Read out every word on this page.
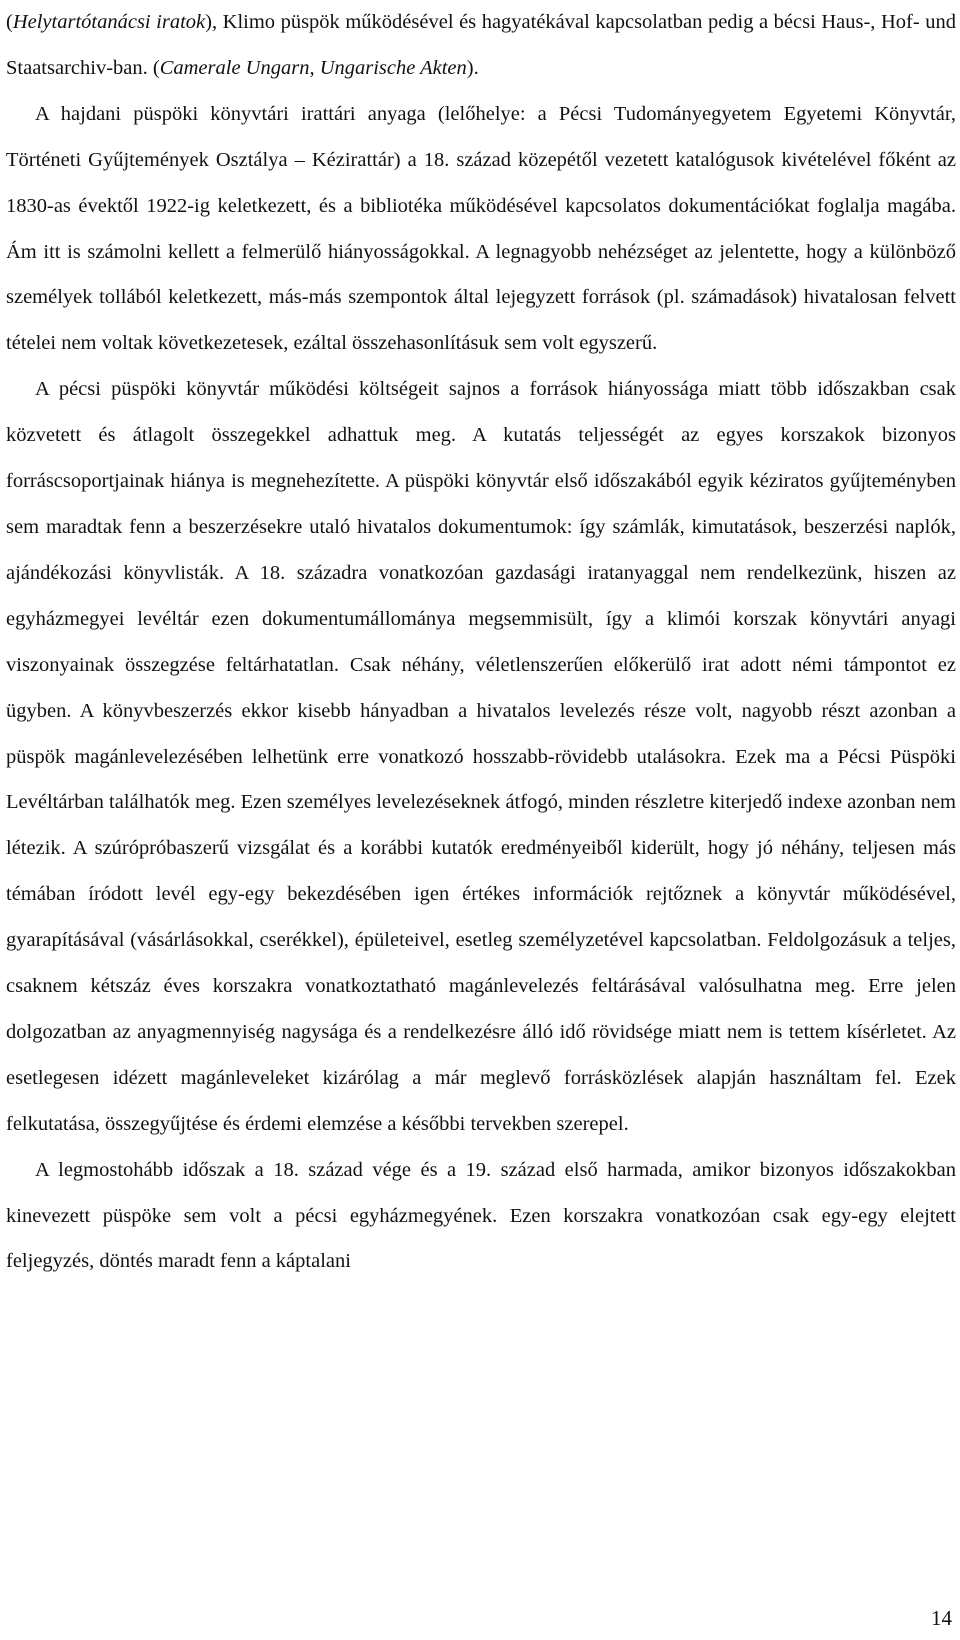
(Helytartótanácsi iratok), Klimo püspök működésével és hagyatékával kapcsolatban pedig a bécsi Haus-, Hof- und Staatsarchiv-ban. (Camerale Ungarn, Ungarische Akten).

A hajdani püspöki könyvtári irattári anyaga (lelőhelye: a Pécsi Tudományegyetem Egyetemi Könyvtár, Történeti Gyűjtemények Osztálya – Kézirattár) a 18. század közepétől vezetett katalógusok kivételével főként az 1830-as évektől 1922-ig keletkezett, és a bibliotéka működésével kapcsolatos dokumentációkat foglalja magába. Ám itt is számolni kellett a felmerülő hiányosságokkal. A legnagyobb nehézséget az jelentette, hogy a különböző személyek tollából keletkezett, más-más szempontok által lejegyzett források (pl. számadások) hivatalosan felvett tételei nem voltak következetesek, ezáltal összehasonlításuk sem volt egyszerű.

A pécsi püspöki könyvtár működési költségeit sajnos a források hiányossága miatt több időszakban csak közvetett és átlagolt összegekkel adhattuk meg. A kutatás teljességét az egyes korszakok bizonyos forráscsoportjainak hiánya is megnehezítette. A püspöki könyvtár első időszakából egyik kéziratos gyűjteményben sem maradtak fenn a beszerzésekre utaló hivatalos dokumentumok: így számlák, kimutatások, beszerzési naplók, ajándékozási könyvlisták. A 18. századra vonatkozóan gazdasági iratanyaggal nem rendelkezünk, hiszen az egyházmegyei levéltár ezen dokumentumállománya megsemmisült, így a klimói korszak könyvtári anyagi viszonyainak összegzése feltárhatatlan. Csak néhány, véletlenszerűen előkerülő irat adott némi támpontot ez ügyben. A könyvbeszerzés ekkor kisebb hányadban a hivatalos levelezés része volt, nagyobb részt azonban a püspök magánlevelezésében lelhetünk erre vonatkozó hosszabb-rövidebb utalásokra. Ezek ma a Pécsi Püspöki Levéltárban találhatók meg. Ezen személyes levelezéseknek átfogó, minden részletre kiterjedő indexe azonban nem létezik. A szúrópróbaszerű vizsgálat és a korábbi kutatók eredményeiből kiderült, hogy jó néhány, teljesen más témában íródott levél egy-egy bekezdésében igen értékes információk rejtőznek a könyvtár működésével, gyarapításával (vásárlásokkal, cserékkel), épületeivel, esetleg személyzetével kapcsolatban. Feldolgozásuk a teljes, csaknem kétszáz éves korszakra vonatkoztatható magánlevelezés feltárásával valósulhatna meg. Erre jelen dolgozatban az anyagmennyiség nagysága és a rendelkezésre álló idő rövidsége miatt nem is tettem kísérletet. Az esetlegesen idézett magánleveleket kizárólag a már meglevő forrásközlések alapján használtam fel. Ezek felkutatása, összegyűjtése és érdemi elemzése a későbbi tervekben szerepel.

A legmostohább időszak a 18. század vége és a 19. század első harmada, amikor bizonyos időszakokban kinevezett püspöke sem volt a pécsi egyházmegyének. Ezen korszakra vonatkozóan csak egy-egy elejtett feljegyzés, döntés maradt fenn a káptalani

14
